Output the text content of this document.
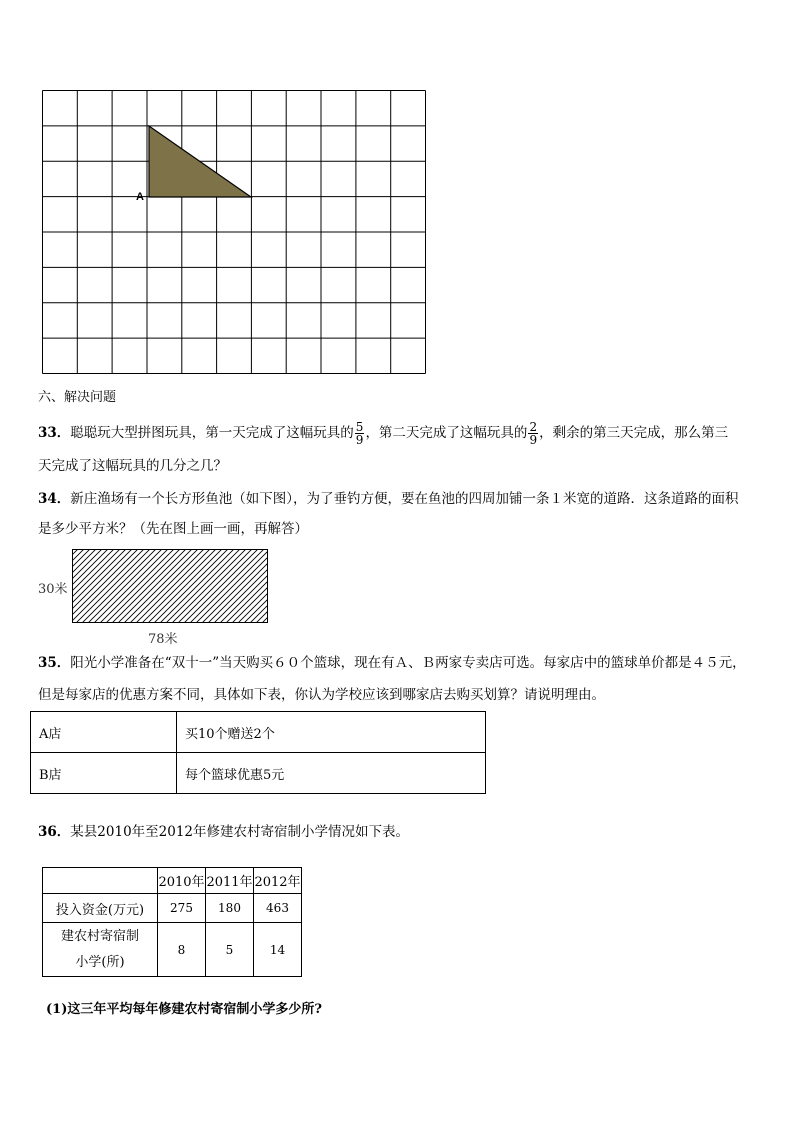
A
六、解决问题
33．聪聪玩大型拼图玩具，第一天完成了这幅玩具的 $\frac{5}{9}$ ，第二天完成了这幅玩具的 $\frac{2}{9}$ ，剩余的第三天完成，那么第三
天完成了这幅玩具的几分之几？
34．新庄渔场有一个长方形鱼池（如下图），为了垂钓方便，要在鱼池的四周加铺一条１米宽的道路．这条道路的面积
是多少平方米？（先在图上画一画，再解答）
30米
78米
35．阳光小学准备在“双十一”当天购买６０个篮球，现在有Ａ、Ｂ两家专卖店可选。每家店中的篮球单价都是４５元，
但是每家店的优惠方案不同，具体如下表，你认为学校应该到哪家店去购买划算？请说明理由。
A店	买10个赠送2个
B店	每个篮球优惠5元
36．某县2010年至2012年修建农村寄宿制小学情况如下表。
	2010年	2011年	2012年
投入资金(万元)	275	180	463

建农村寄宿制
小学(所)	8	5	14
(1)这三年平均每年修建农村寄宿制小学多少所?
